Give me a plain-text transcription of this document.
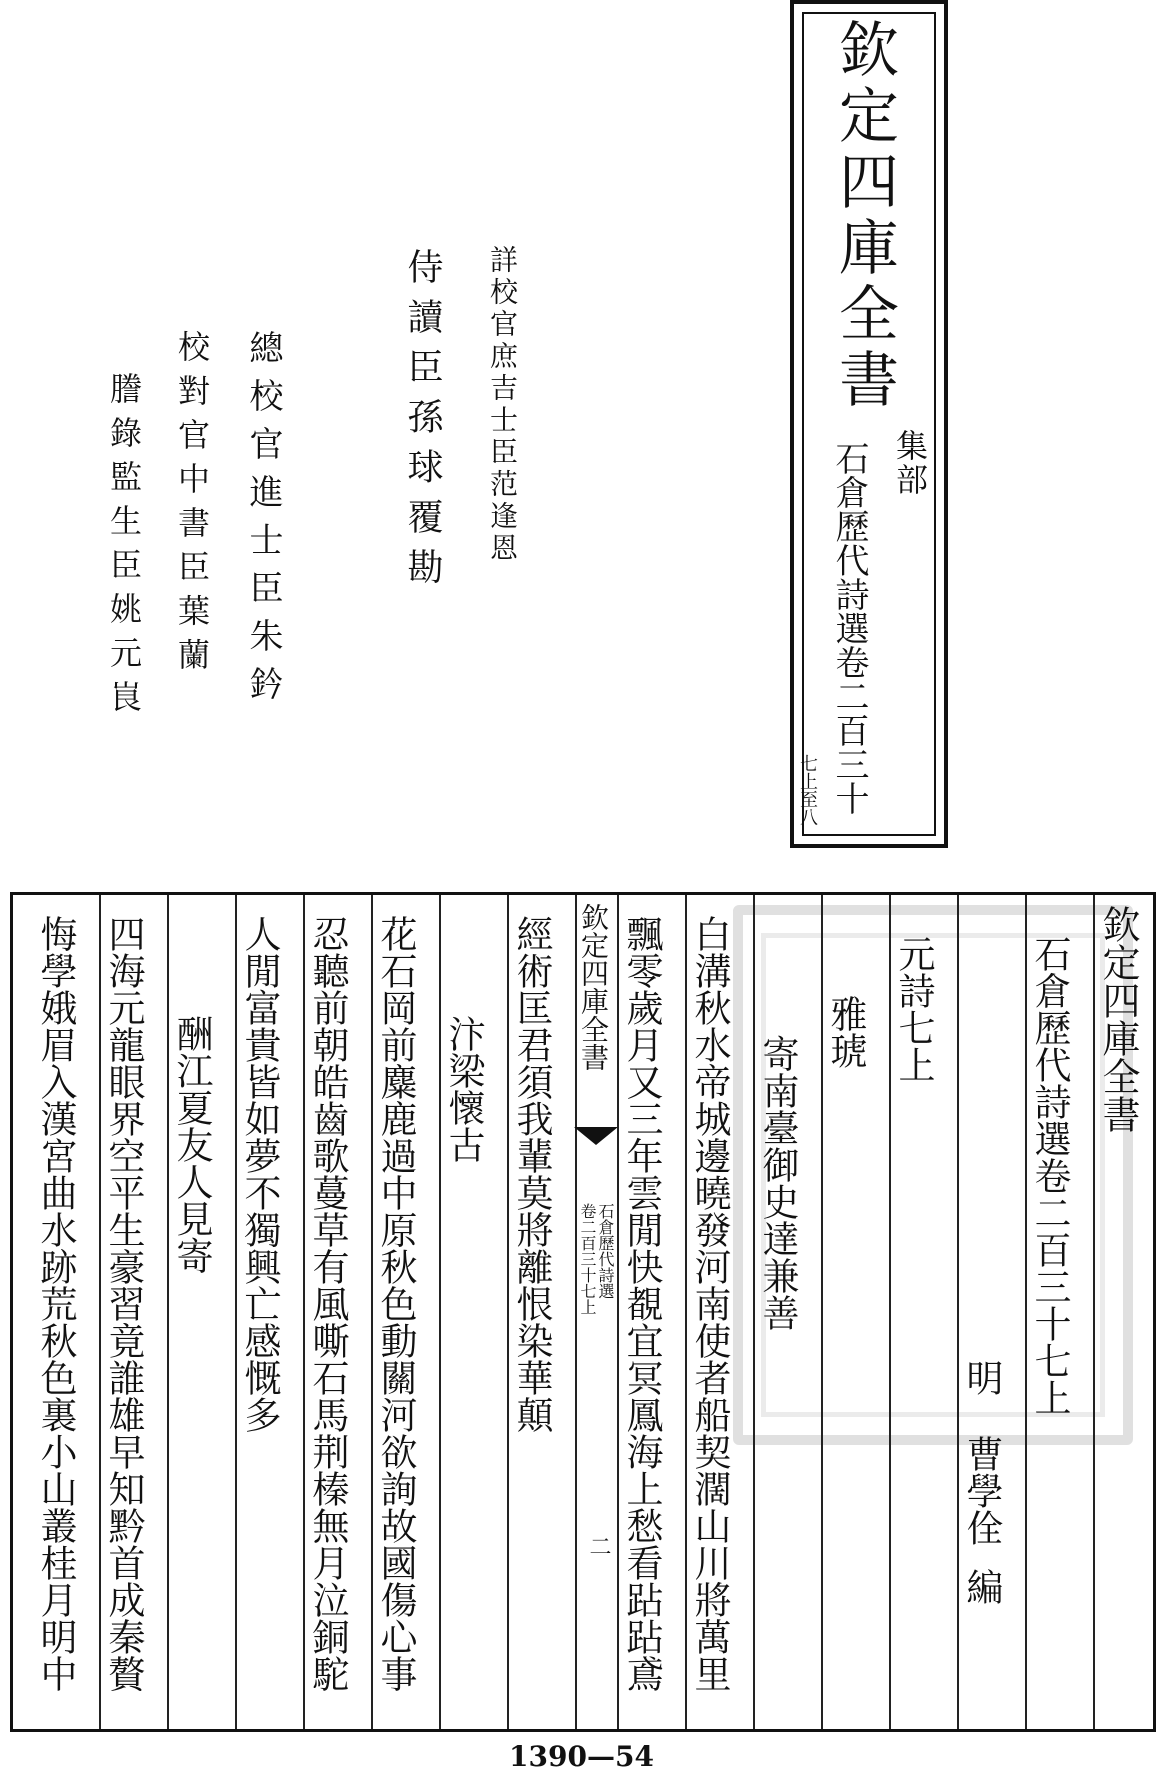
欽定四庫全書
集部
石倉歷代詩選卷二百三十
七上至八
詳校官庶吉士臣范逢恩
侍讀臣孫球覆勘
總校官進士臣朱鈐
校對官中書臣葉蘭
謄錄監生臣姚元峎
欽定四庫全書
石倉歷代詩選卷二百三十七上
明
曹學佺編
元詩七上
雅琥
寄南臺御史達兼善
白溝秋水帝城邊曉發河南使者船契濶山川將萬里
飄零歲月又三年雲閒快覩宜冥鳳海上愁看跕跕鳶
欽定四庫全書
石倉歷代詩選
卷二百三十七上
二
經術匡君須我輩莫將離恨染華顛
汴梁懷古
花石岡前麋鹿過中原秋色動關河欲詢故國傷心事
忍聽前朝皓齒歌蔓草有風嘶石馬荆榛無月泣銅駝
人閒富貴皆如夢不獨興亡感慨多
酬江夏友人見寄
四海元龍眼界空平生豪習竟誰雄早知黔首成秦贅
悔學娥眉入漢宮曲水跡荒秋色裏小山叢桂月明中
1390—54
